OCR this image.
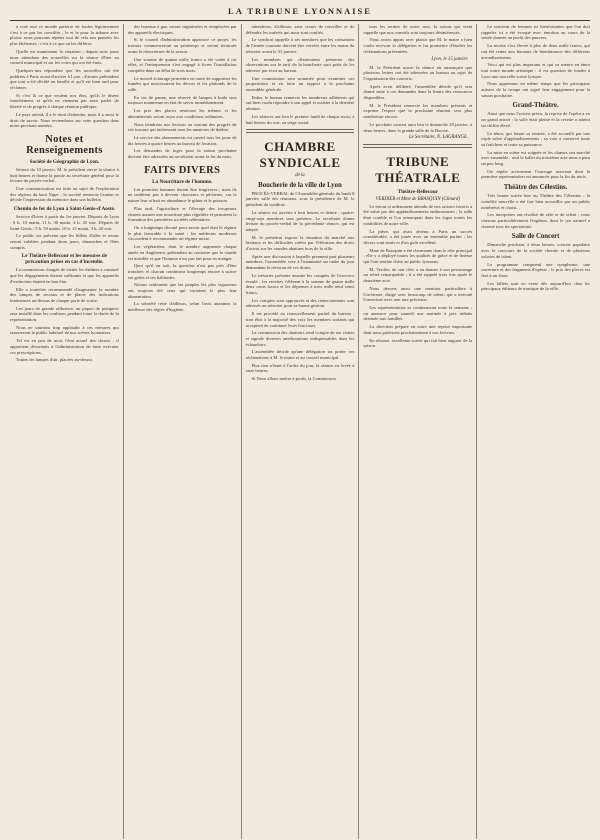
LA TRIBUNE LYONNAISE

à voté tout ce monde parterre de foules légitimement c'est à ce pas les conciliés ; le et le pour la tribune avec plaisir, nous pouvons répéter tout de cela nos pensées les plus fâcheuses ; c'est à ce que on les différer.

Quelle est maintenant la situation ; depuis trois jours nous attendons des nouvelles sur la séance d'hier au conseil municipal et sur les votes qui ont été émis.

Quelques-uns répondent que les nouvelles ont été publiées à Paris avant d'arriver à Lyon ; d'autres prétendent que tout a été décidé en famille et qu'il est bien tard pour réclamer.

Si c'est là ce que veulent nos élus, qu'ils le disent franchement, et qu'ils ne viennent pas nous parler de liberté et de progrès à chaque réunion publique.

Le pays attend, il a le droit d'attendre, mais il a aussi le droit de savoir. Nous reviendrons sur cette question dans notre prochain numéro.

Notes et Renseignements
Société de Géographie de Lyon.

Séance du 10 janvier. M. le président ouvre la séance à huit heures et donne la parole au secrétaire général pour la lecture du procès-verbal.

Une communication est faite au sujet de l'exploration des régions du haut Niger ; la société remercie l'auteur et décide l'impression du mémoire dans son bulletin.

Chemin de fer de Lyon à Saint-Genis-d'Aoste.

Service d'hiver à partir du 1er janvier. Départs de Lyon : 6 h. 10 matin, 11 h. 30 matin, 4 h. 45 soir. Départs de Saint-Genis : 5 h. 50 matin, 10 h. 15 matin, 3 h. 20 soir.

Le public est prévenu que les billets d'aller et retour seront valables pendant deux jours, dimanches et fêtes compris.

Le Théâtre-Bellecour et les mesures de précaution prises en cas d'incendie.

La commission chargée de visiter les théâtres a constaté que les dégagements étaient suffisants et que les appareils d'extinction étaient en bon état.

Elle a toutefois recommandé d'augmenter le nombre des lampes de secours et de placer des indications lumineuses au-dessus de chaque porte de sortie.

Les jours de grande affluence, un piquet de pompiers sera installé dans les coulisses pendant toute la durée de la représentation.

Nous ne saurions trop applaudir à ces mesures qui rassureront le public habituel de nos scènes lyonnaises.

Tel est en peu de mots l'état actuel des choses ; il appartient désormais à l'administration de faire exécuter ces prescriptions.

Toutes les lampes d'air, placées au-dessus

des bureaux à gaz, seront supprimées et remplacées par des appareils électriques.

Si le conseil d'administration approuve ce projet, les travaux commenceront au printemps et seront terminés avant la réouverture de la saison.

Une somme de quinze mille francs a été votée à cet effet, et l'entrepreneur s'est engagé à livrer l'installation complète dans un délai de trois mois.

Le nouvel éclairage permettra en outre de supprimer les fumées qui noircissaient les décors et les plafonds de la salle.

En cas de panne, une réserve de lampes à huile sera toujours maintenue en état de servir immédiatement.

Les prix des places resteront les mêmes et les abonnements seront reçus aux conditions ordinaires.

Nous tiendrons nos lecteurs au courant des progrès de ces travaux qui intéressent tous les amateurs de théâtre.

Le service des abonnements est ouvert tous les jours de dix heures à quatre heures au bureau de location.

Les demandes de loges pour la saison prochaine doivent être adressées au secrétariat avant la fin du mois.

FAITS DIVERS
La Nourriture de l'homme.

Les premiers hommes durent être frugivores ; mais ils ne tardèrent pas à devenir chasseurs et pêcheurs, car la nature leur offrait en abondance le gibier et le poisson.

Plus tard, l'agriculture et l'élevage des troupeaux vinrent assurer une nourriture plus régulière et permirent la formation des premières sociétés sédentaires.

On a longtemps discuté pour savoir quel était le régime le plus favorable à la santé ; les médecins modernes s'accordent à recommander un régime mixte.

Les végétariens, dont le nombre augmente chaque année en Angleterre, prétendent au contraire que la viande est nuisible et que l'homme n'est pas fait pour en manger.

Quoi qu'il en soit, la question n'est pas près d'être tranchée, et chacun continuera longtemps encore à suivre ses goûts et ses habitudes.

Notons seulement que les peuples les plus vigoureux ont toujours été ceux qui variaient le plus leur alimentation.

La sobriété reste d'ailleurs, selon l'avis unanime, la meilleure des règles d'hygiène.

attendrons, d'ailleurs, sans cesser de travailler et de défendre les intérêts qui nous sont confiés.

Le syndicat rappelle à ses membres que les cotisations de l'année courante doivent être versées entre les mains du trésorier avant le 31 janvier.

Les membres qui désireraient présenter des observations sur le tarif de la boucherie sont priés de les adresser par écrit au bureau.

Une commission sera nommée pour examiner ces propositions et en faire un rapport à la prochaine assemblée générale.

Enfin, le bureau remercie les nombreux adhérents qui ont bien voulu répondre à son appel et assister à la dernière réunion.

Les séances ont lieu le premier lundi de chaque mois, à huit heures du soir, au siège social.

CHAMBRE SYNDICALE
de la
Boucherie de la ville de Lyon

PROCÈS-VERBAL de l'Assemblée générale du lundi 8 janvier, salle des réunions, sous la présidence de M. le président du syndicat.

La séance est ouverte à huit heures et demie ; quatre-vingt-sept membres sont présents. Le secrétaire donne lecture du procès-verbal de la précédente séance, qui est adopté.

M. le président expose la situation du marché aux bestiaux et les difficultés créées par l'élévation des droits d'octroi sur les viandes abattues hors de la ville.

Après une discussion à laquelle prennent part plusieurs membres, l'assemblée vote à l'unanimité un ordre du jour demandant la révision de ces droits.

Le trésorier présente ensuite les comptes de l'exercice écoulé ; les recettes s'élèvent à la somme de quatre mille deux cents francs et les dépenses à trois mille neuf cents francs.

Les comptes sont approuvés et des remerciements sont adressés au trésorier pour sa bonne gestion.

Il est procédé au renouvellement partiel du bureau ; sont élus à la majorité des voix les membres sortants qui acceptent de continuer leurs fonctions.

La commission des abattoirs rend compte de ses visites et signale diverses améliorations indispensables dans les échaudoirs.

L'assemblée décide qu'une délégation ira porter ces réclamations à M. le maire et au conseil municipal.

Plus rien n'étant à l'ordre du jour, la séance est levée à onze heures.

Si Nous allons mettre à profit, la Commission

tous les termes de notre mot, la saison qui vient rappelle que nos conseils sont toujours désintéressés.

Nous avons appris avec plaisir que M. le maire a bien voulu recevoir la délégation et lui promettre d'étudier les réclamations présentées.

Lyon, le 15 janvier.

M. le Président ouvre la séance en annonçant que plusieurs lettres ont été adressées au bureau au sujet de l'organisation des concerts.

Après avoir délibéré, l'assemblée décide qu'il sera donné suite à ces demandes dans la limite des ressources disponibles.

M. le Président remercie les membres présents et exprime l'espoir que la prochaine réunion sera plus nombreuse encore.

Le prochain concert aura lieu le dimanche 28 janvier, à deux heures, dans la grande salle de la Bourse.

Le Secrétaire, N. LAGRANGE.
TRIBUNE THÉATRALE
Théâtre-Bellecour
VERDIER et Mme de BRASQUIN (Glinard)

Le retour si ardemment attendu de nos artistes favoris a été salué par des applaudissements enthousiastes ; la salle était comble et l'on remarquait dans les loges toutes les notabilités de notre ville.

La pièce, qui avait obtenu à Paris un succès considérable, a été jouée avec un ensemble parfait ; les décors sont neufs et d'un goût excellent.

Mme de Brasquin a été charmante dans le rôle principal ; elle y a déployé toutes les qualités de grâce et de finesse qui l'ont rendue chère au public lyonnais.

M. Verdier, de son côté, a su donner à son personnage un relief remarquable ; il a été rappelé trois fois après le deuxième acte.

Nous devons aussi une mention particulière à l'orchestre, dirigé avec beaucoup de talent, qui a exécuté l'ouverture avec une rare précision.

Les représentations se continueront toute la semaine ; on annonce pour samedi une matinée à prix réduits destinée aux familles.

La direction prépare en outre une reprise importante dont nous parlerons prochainement à nos lecteurs.

En résumé, excellente soirée qui fait bien augurer de la saison.

Le souvenir de femmes ici bienfaisantes que l'on doit rappeler ici a été évoqué avec émotion au cours de la soirée donnée au profit des pauvres.

La recette s'est élevée à plus de deux mille francs, qui ont été remis aux bureaux de bienfaisance des différents arrondissements.

Voici qui est plus important et qui va mettre en émoi tout notre monde artistique : il est question de fonder à Lyon une nouvelle scène lyrique.

Nous apprenons en même temps que les principaux artistes de la troupe ont signé leur engagement pour la saison prochaine.

Grand-Théâtre.

Ainsi que nous l'avions prévu, la reprise de l'opéra a eu un grand attrait ; la salle était pleine et la recette a atteint un chiffre élevé.

Le ténor, qui faisait sa rentrée, a été accueilli par une triple salve d'applaudissements ; sa voix a conservé toute sa fraîcheur et toute sa puissance.

La mise en scène est soignée et les chœurs ont marché avec ensemble ; seul le ballet du troisième acte nous a paru un peu long.

On répète activement l'ouvrage nouveau dont la première représentation est annoncée pour la fin du mois.

Théâtre des Célestins.

Très bonne soirée hier au Théâtre des Célestins ; la comédie nouvelle a été fort bien accueillie par un public nombreux et choisi.

Les interprètes ont rivalisé de zèle et de talent ; nous citerons particulièrement l'ingénue, dont le jeu naturel a charmé tous les spectateurs.

Salle de Concert

Dimanche prochain, à deux heures, concert populaire avec le concours de la société chorale et de plusieurs solistes de talent.

Le programme comprend une symphonie, une ouverture et des fragments d'opéras ; le prix des places est fixé à un franc.

Les billets sont en vente dès aujourd'hui chez les principaux éditeurs de musique de la ville.
